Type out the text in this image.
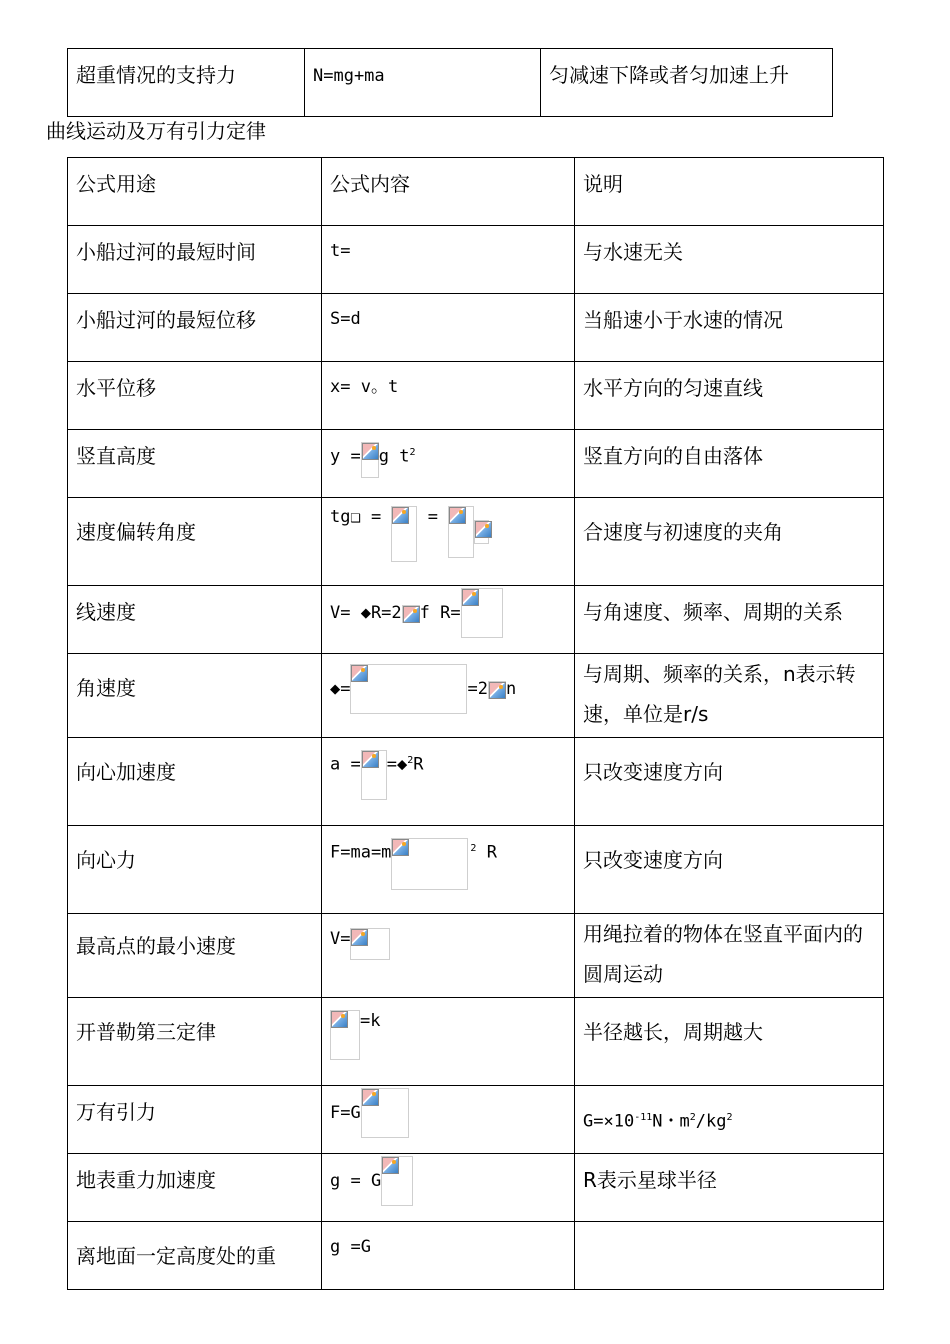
超重情况的支持力	N=mg+ma	匀减速下降或者匀加速上升
曲线运动及万有引力定律
公式用途	公式内容	说明

小船过河的最短时间	t=	与水速无关

小船过河的最短位移	S=d	当船速小于水速的情况

水平位移	x= v。t	水平方向的匀速直线

竖直高度	y = g $t^2$	竖直方向的自由落体

速度偏转角度	tg❑ = =	合速度与初速度的夹角

线速度	V= ◆R=2 f R=	与角速度、频率、周期的关系

角速度	◆= =2 n	与周期、频率的关系，n表示转速，单位是r/s

向心加速度	a = =◆$^2$R	只改变速度方向

向心力	F=ma=m $^2$ R	只改变速度方向

最高点的最小速度	V=	用绳拉着的物体在竖直平面内的圆周运动

开普勒第三定律	=k	半径越长，周期越大

万有引力	F=G	$G=\times 10^{-11}N$・$m^2/kg^2$

地表重力加速度	g = G	R表示星球半径

离地面一定高度处的重	g =G	
